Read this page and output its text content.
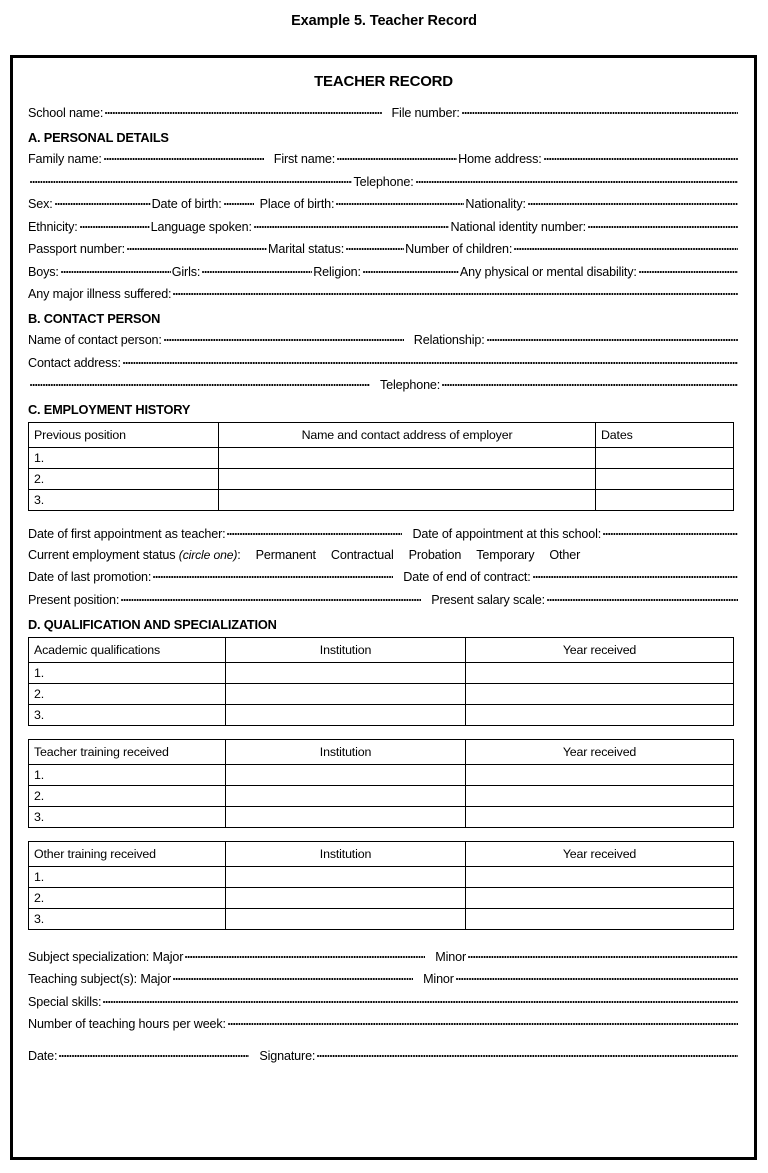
Example 5. Teacher Record
TEACHER RECORD
School name:	File number:
A. PERSONAL DETAILS
Family name:	First name:	Home address:
Telephone:
Sex:	Date of birth:	Place of birth:	Nationality:
Ethnicity:	Language spoken:	National identity number:
Passport number:	Marital status:	Number of children:
Boys:	Girls:	Religion:	Any physical or mental disability:
Any major illness suffered:
B. CONTACT PERSON
Name of contact person:	Relationship:
Contact address:
Telephone:
C. EMPLOYMENT HISTORY
Previous position	Name and contact address of employer	Dates
1.		
2.		
3.		
Date of first appointment as teacher:	Date of appointment at this school:
Current employment status (circle one): Permanent Contractual Probation Temporary Other
Date of last promotion:	Date of end of contract:
Present position:	Present salary scale:
D. QUALIFICATION AND SPECIALIZATION
Academic qualifications	Institution	Year received
1.		
2.		
3.		
Teacher training received	Institution	Year received
1.		
2.		
3.		
Other training received	Institution	Year received
1.		
2.		
3.		
Subject specialization: Major	Minor
Teaching subject(s): Major	Minor
Special skills:
Number of teaching hours per week:
Date:	Signature:
